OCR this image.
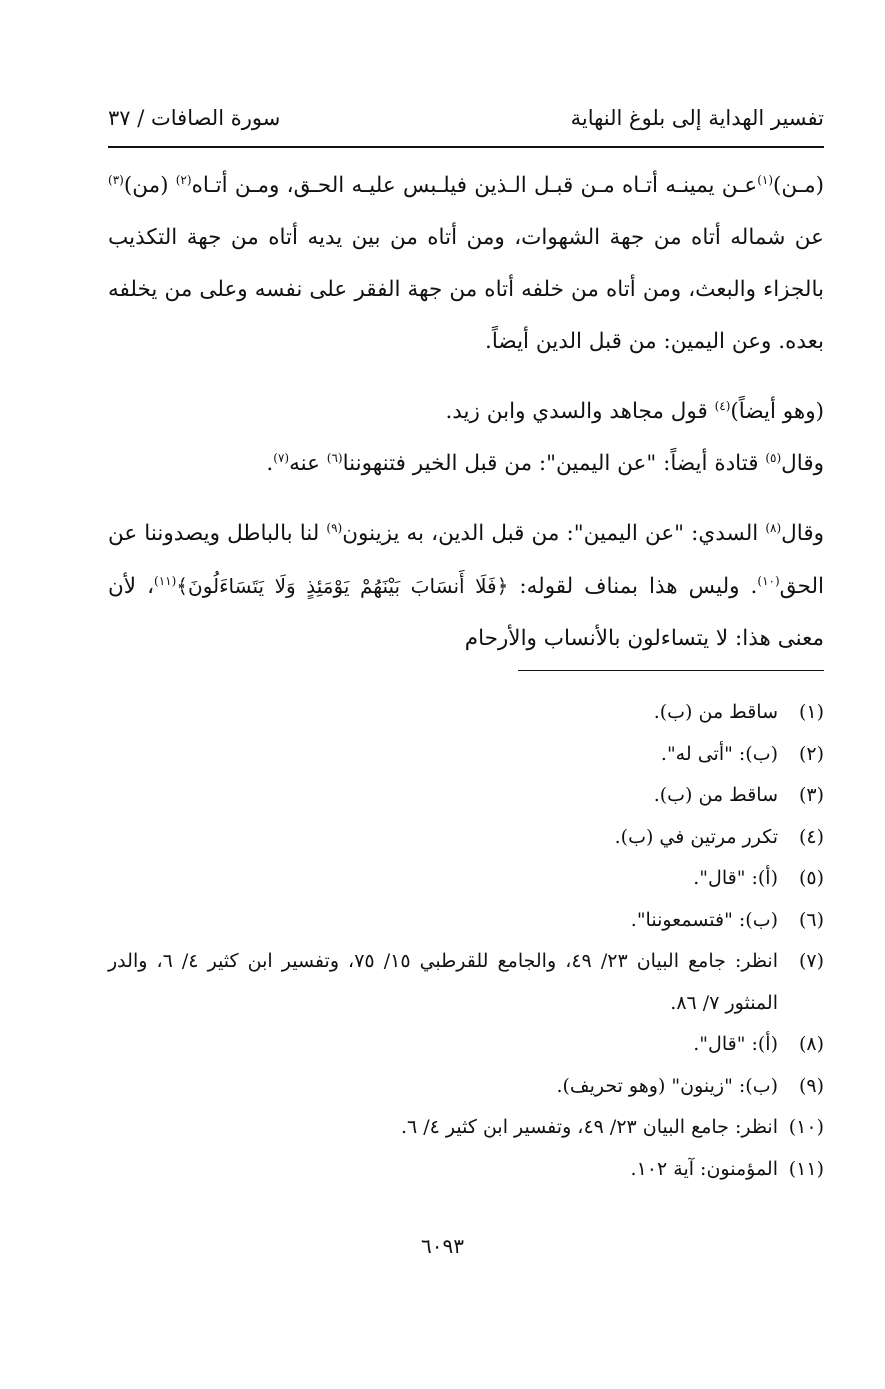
تفسير الهداية إلى بلوغ النهاية
سورة الصافات / ٣٧

(مـن)$^{(١)}$عـن يمينـه أتـاه مـن قبـل الـذين فيلـبس عليـه الحـق، ومـن أتـاه$^{(٢)}$ (من)$^{(٣)}$ عن شماله أتاه من جهة الشهوات، ومن أتاه من بين يديه أتاه من جهة التكذيب بالجزاء والبعث، ومن أتاه من خلفه أتاه من جهة الفقر على نفسه وعلى من يخلفه بعده. وعن اليمين: من قبل الدين أيضاً.

(وهو أيضاً)$^{(٤)}$ قول مجاهد والسدي وابن زيد.

وقال$^{(٥)}$ قتادة أيضاً: "عن اليمين": من قبل الخير فتنهوننا$^{(٦)}$ عنه$^{(٧)}$.

وقال$^{(٨)}$ السدي: "عن اليمين": من قبل الدين، به يزينون$^{(٩)}$ لنا بالباطل ويصدوننا عن الحق$^{(١٠)}$. وليس هذا بمناف لقوله: ﴿فَلَا أَنسَابَ بَيْنَهُمْ يَوْمَئِذٍ وَلَا يَتَسَاءَلُونَ﴾$^{(١١)}$، لأن معنى هذا: لا يتساءلون بالأنساب والأرحام

(١)
ساقط من (ب).
(٢)
(ب): "أتى له".
(٣)
ساقط من (ب).
(٤)
تكرر مرتين في (ب).
(٥)
(أ): "قال".
(٦)
(ب): "فتسمعوننا".
(٧)
انظر: جامع البيان ٢٣/ ٤٩، والجامع للقرطبي ١٥/ ٧٥، وتفسير ابن كثير ٤/ ٦، والدر المنثور ٧/ ٨٦.
(٨)
(أ): "قال".
(٩)
(ب): "زينون" (وهو تحريف).
(١٠)
انظر: جامع البيان ٢٣/ ٤٩، وتفسير ابن كثير ٤/ ٦.
(١١)
المؤمنون: آية ١٠٢.
٦٠٩٣
